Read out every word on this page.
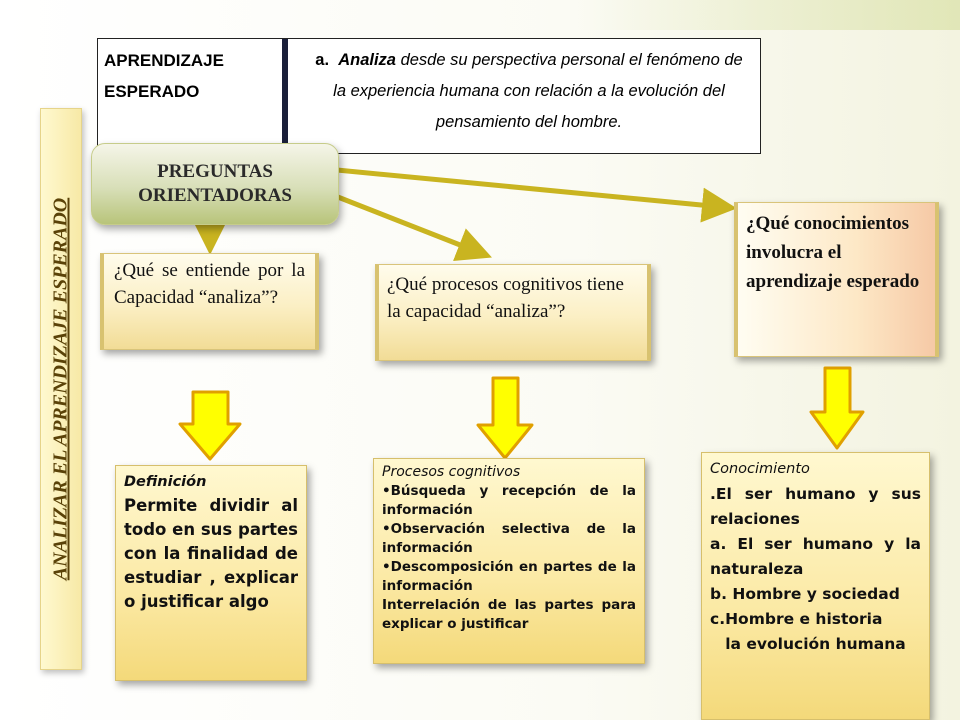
APRENDIZAJE
ESPERADO
a. Analiza desde su perspectiva personal el fenómeno de la experiencia humana con relación a la evolución del pensamiento del hombre.
ANALIZAR EL APRENDIZAJE ESPERADO
PREGUNTAS
ORIENTADORAS
¿Qué se entiende por la Capacidad “analiza”?
¿Qué procesos cognitivos tiene la capacidad “analiza”?
¿Qué conocimientos involucra el aprendizaje esperado
Definición
Permite dividir al todo en sus partes con la finalidad de estudiar , explicar o justificar algo
Procesos cognitivos
•Búsqueda y recepción de la información
•Observación selectiva de la información
•Descomposición en partes de la información
Interrelación de las partes para explicar o justificar
Conocimiento
.El ser humano y sus relaciones
a. El ser humano y la naturaleza
b. Hombre y sociedad
c.Hombre e historia
la evolución humana
